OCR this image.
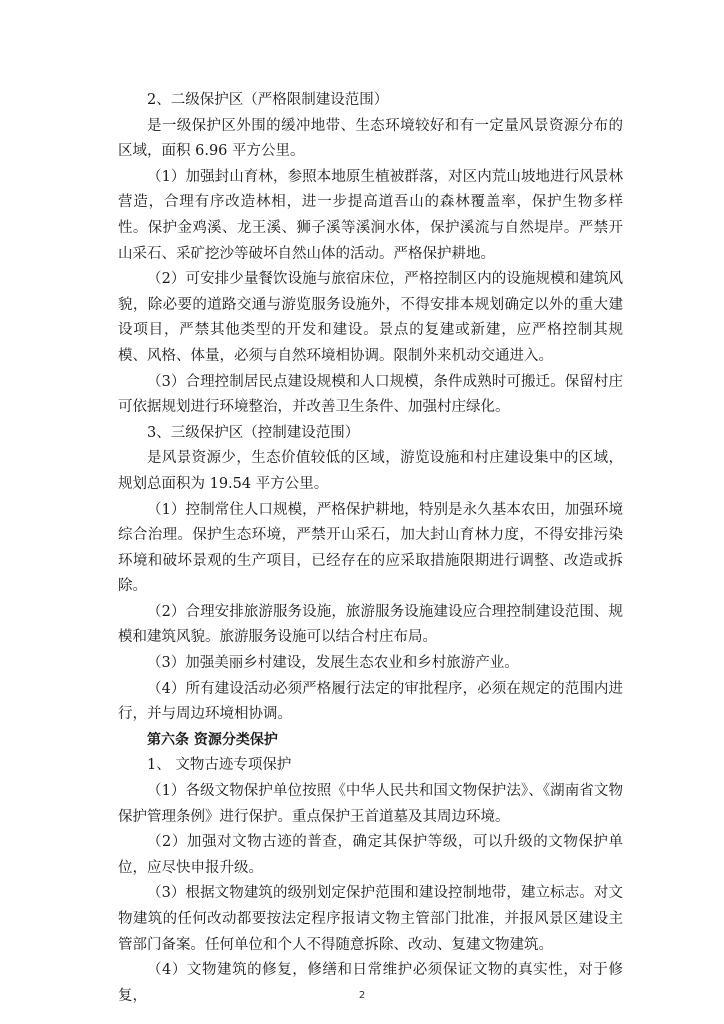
2、二级保护区（严格限制建设范围）

是一级保护区外围的缓冲地带、生态环境较好和有一定量风景资源分布的区域，面积 6.96 平方公里。

（1）加强封山育林，参照本地原生植被群落，对区内荒山坡地进行风景林营造，合理有序改造林相，进一步提高道吾山的森林覆盖率，保护生物多样性。保护金鸡溪、龙王溪、狮子溪等溪涧水体，保护溪流与自然堤岸。严禁开山采石、采矿挖沙等破坏自然山体的活动。严格保护耕地。

（2）可安排少量餐饮设施与旅宿床位，严格控制区内的设施规模和建筑风貌，除必要的道路交通与游览服务设施外，不得安排本规划确定以外的重大建设项目，严禁其他类型的开发和建设。景点的复建或新建，应严格控制其规模、风格、体量，必须与自然环境相协调。限制外来机动交通进入。

（3）合理控制居民点建设规模和人口规模，条件成熟时可搬迁。保留村庄可依据规划进行环境整治，并改善卫生条件、加强村庄绿化。

3、三级保护区（控制建设范围）

是风景资源少，生态价值较低的区域，游览设施和村庄建设集中的区域，规划总面积为 19.54 平方公里。

（1）控制常住人口规模，严格保护耕地，特别是永久基本农田，加强环境综合治理。保护生态环境，严禁开山采石，加大封山育林力度，不得安排污染环境和破坏景观的生产项目，已经存在的应采取措施限期进行调整、改造或拆除。

（2）合理安排旅游服务设施，旅游服务设施建设应合理控制建设范围、规模和建筑风貌。旅游服务设施可以结合村庄布局。

（3）加强美丽乡村建设，发展生态农业和乡村旅游产业。

（4）所有建设活动必须严格履行法定的审批程序，必须在规定的范围内进行，并与周边环境相协调。

第六条 资源分类保护

1、 文物古迹专项保护

（1）各级文物保护单位按照《中华人民共和国文物保护法》、《湖南省文物保护管理条例》进行保护。重点保护王首道墓及其周边环境。

（2）加强对文物古迹的普查，确定其保护等级，可以升级的文物保护单位，应尽快申报升级。

（3）根据文物建筑的级别划定保护范围和建设控制地带，建立标志。对文物建筑的任何改动都要按法定程序报请文物主管部门批准，并报风景区建设主管部门备案。任何单位和个人不得随意拆除、改动、复建文物建筑。

（4）文物建筑的修复，修缮和日常维护必须保证文物的真实性，对于修复，	2
